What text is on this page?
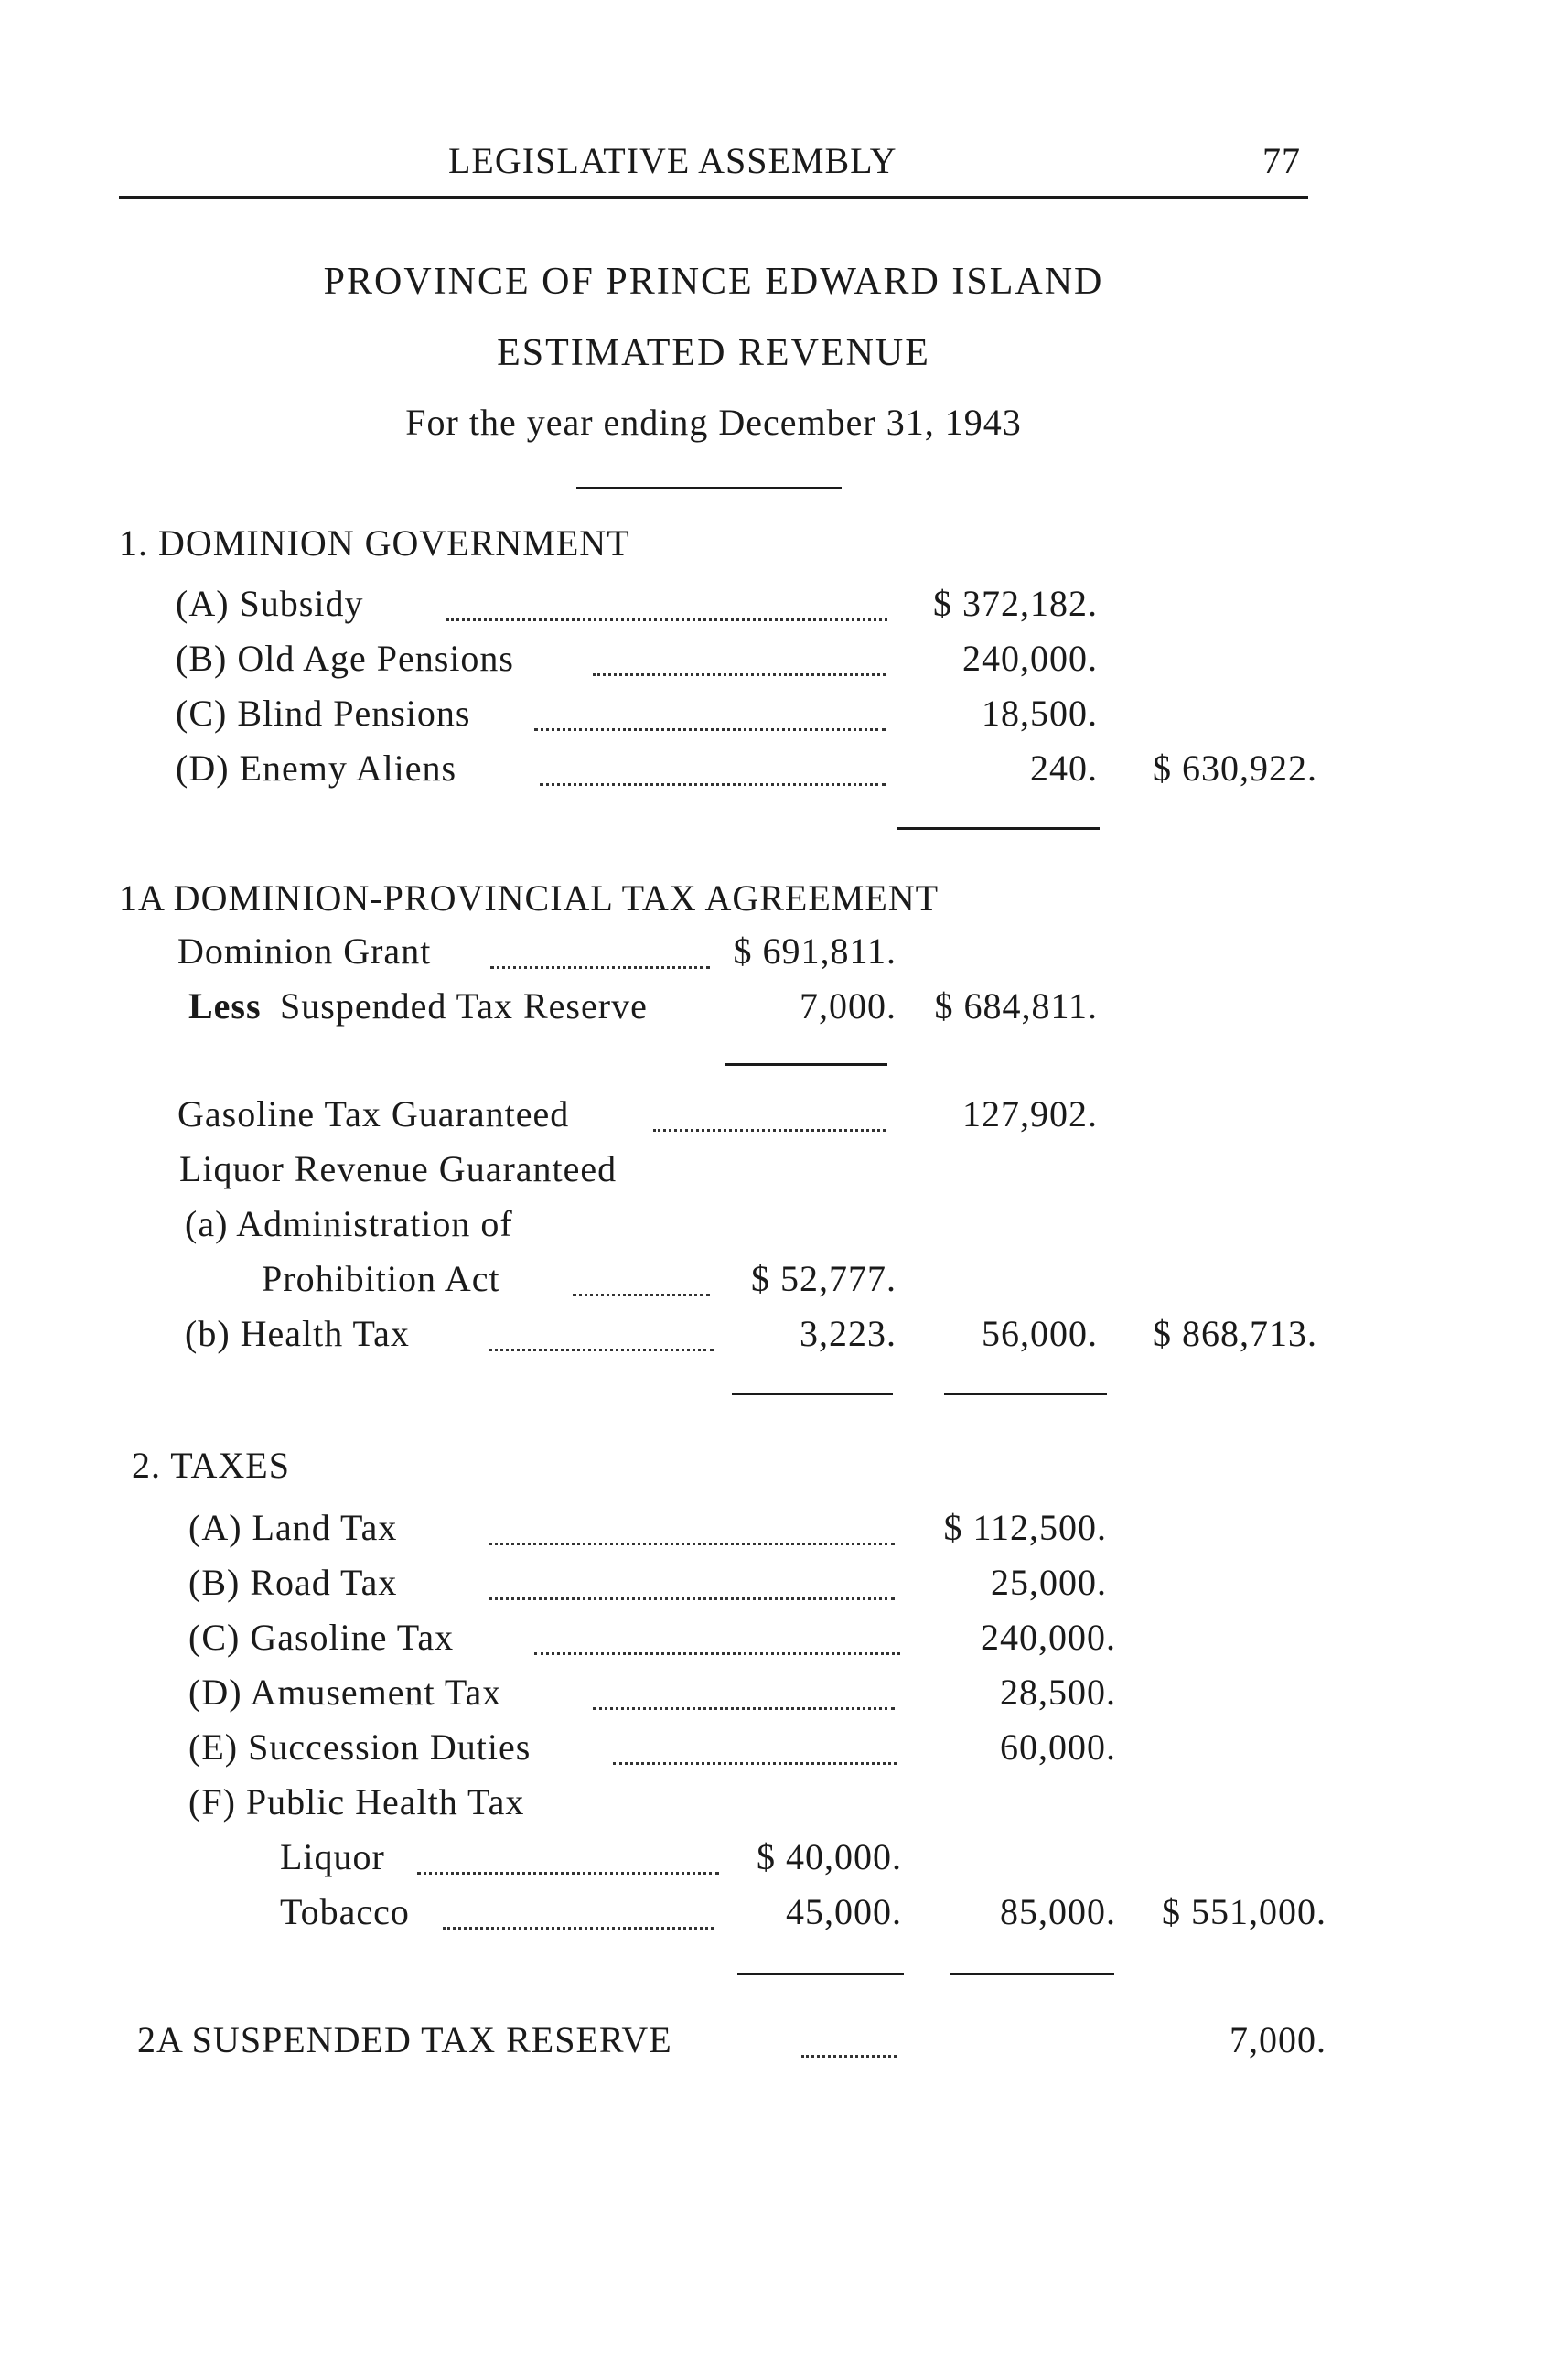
LEGISLATIVE ASSEMBLY	77
PROVINCE OF PRINCE EDWARD ISLAND
ESTIMATED REVENUE
For the year ending December 31, 1943
1. DOMINION GOVERNMENT
(A) Subsidy	$ 372,182.
(B) Old Age Pensions	240,000.
(C) Blind Pensions	18,500.
(D) Enemy Aliens	240.	$ 630,922.
1A DOMINION-PROVINCIAL TAX AGREEMENT
Dominion Grant	$ 691,811.
Less Suspended Tax Reserve	7,000.	$ 684,811.
Gasoline Tax Guaranteed	127,902.
Liquor Revenue Guaranteed
(a) Administration of
Prohibition Act	$ 52,777.
(b) Health Tax	3,223.	56,000.	$ 868,713.
2. TAXES
(A) Land Tax	$ 112,500.
(B) Road Tax	25,000.
(C) Gasoline Tax	240,000.
(D) Amusement Tax	28,500.
(E) Succession Duties	60,000.
(F) Public Health Tax
Liquor	$ 40,000.
Tobacco	45,000.	85,000.	$ 551,000.
2A SUSPENDED TAX RESERVE	7,000.
